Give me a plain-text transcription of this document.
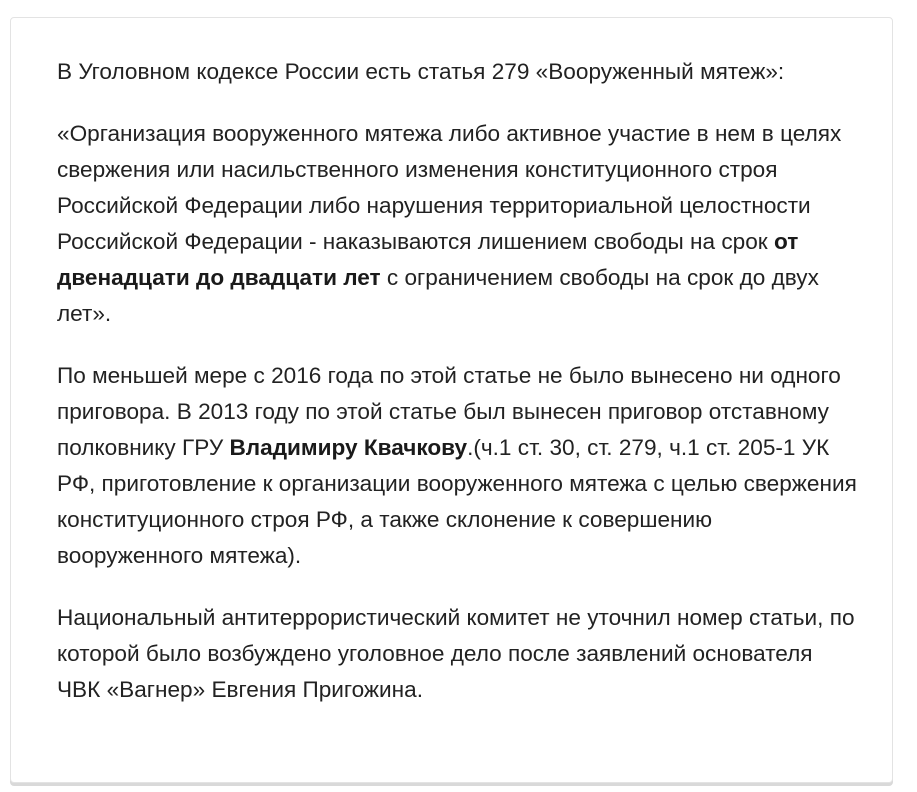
В Уголовном кодексе России есть статья 279 «Вооруженный мятеж»:

«Организация вооруженного мятежа либо активное участие в нем в целях свержения или насильственного изменения конституционного строя Российской Федерации либо нарушения территориальной целостности Российской Федерации - наказываются лишением свободы на срок от двенадцати до двадцати лет с ограничением свободы на срок до двух лет».

По меньшей мере с 2016 года по этой статье не было вынесено ни одного приговора. В 2013 году по этой статье был вынесен приговор отставному полковнику ГРУ Владимиру Квачкову.(ч.1 ст. 30, ст. 279, ч.1 ст. 205-1 УК РФ, приготовление к организации вооруженного мятежа с целью свержения конституционного строя РФ, а также склонение к совершению вооруженного мятежа).

Национальный антитеррористический комитет не уточнил номер статьи, по которой было возбуждено уголовное дело после заявлений основателя ЧВК «Вагнер» Евгения Пригожина.
